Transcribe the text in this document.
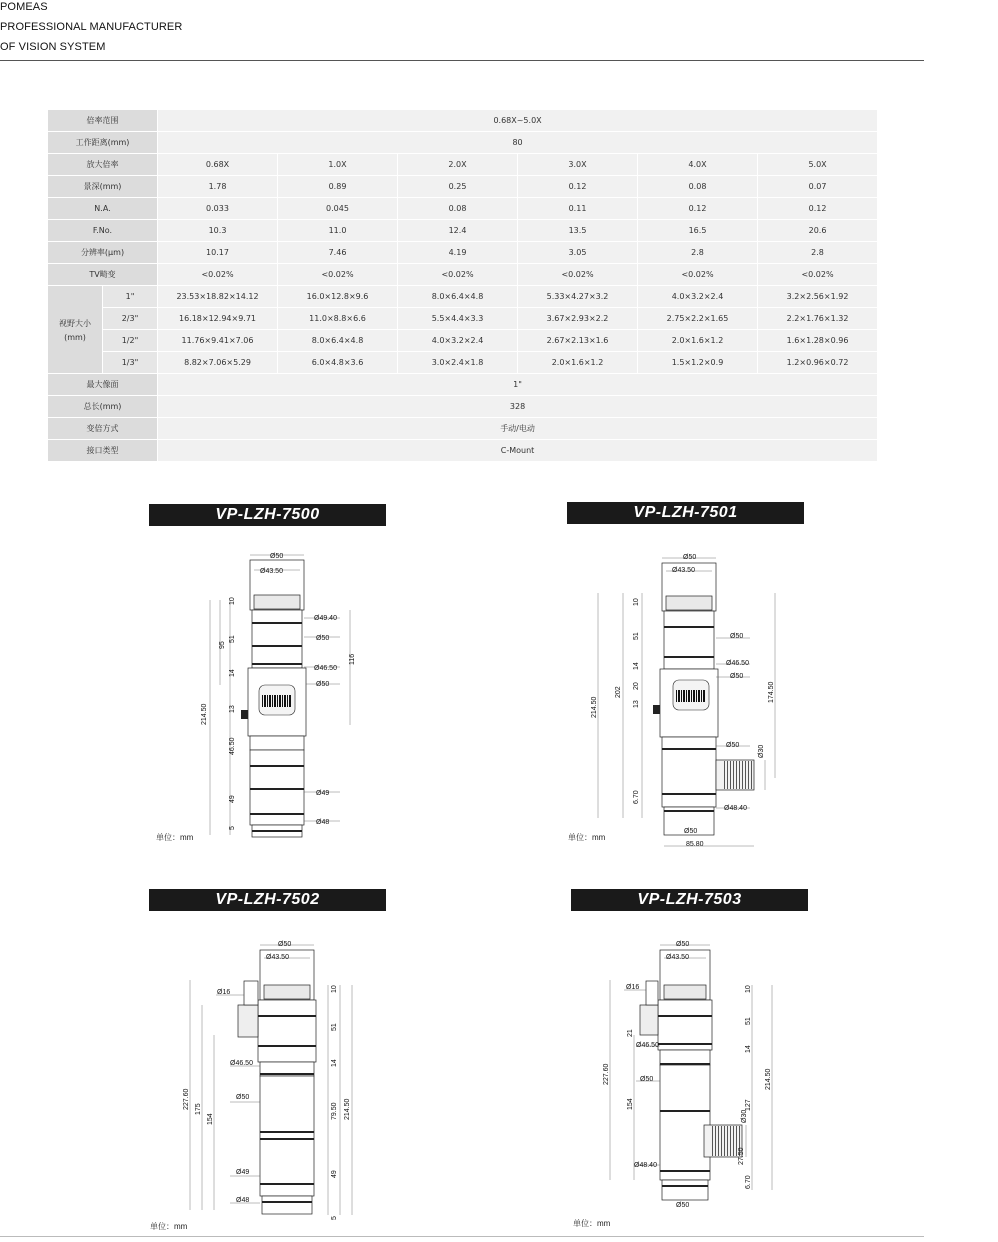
POMEAS
PROFESSIONAL MANUFACTURER
OF VISION SYSTEM
倍率范围		0.68X~5.0X					
工作距离(mm)		80					
放大倍率		0.68X	1.0X	2.0X	3.0X	4.0X	5.0X
景深(mm)		1.78	0.89	0.25	0.12	0.08	0.07
N.A.		0.033	0.045	0.08	0.11	0.12	0.12
F.No.		10.3	11.0	12.4	13.5	16.5	20.6
分辨率(μm)		10.17	7.46	4.19	3.05	2.8	2.8
TV畸变		<0.02%	<0.02%	<0.02%	<0.02%	<0.02%	<0.02%

视野大小
(mm)	1"	23.53×18.82×14.12	16.0×12.8×9.6	8.0×6.4×4.8	5.33×4.27×3.2	4.0×3.2×2.4	3.2×2.56×1.92
	2/3"	16.18×12.94×9.71	11.0×8.8×6.6	5.5×4.4×3.3	3.67×2.93×2.2	2.75×2.2×1.65	2.2×1.76×1.32
	1/2"	11.76×9.41×7.06	8.0×6.4×4.8	4.0×3.2×2.4	2.67×2.13×1.6	2.0×1.6×1.2	1.6×1.28×0.96
	1/3"	8.82×7.06×5.29	6.0×4.8×3.6	3.0×2.4×1.8	2.0×1.6×1.2	1.5×1.2×0.9	1.2×0.96×0.72
最大像面		1"					
总长(mm)		328					
变倍方式		手动/电动					
接口类型		C-Mount					
VP-LZH-7500
Ø50
Ø43.50
Ø49.40
Ø50
Ø46.50
Ø50
Ø49
Ø48
10
51
14
13
46.50
49
5
95
214.50
116
单位：mm
VP-LZH-7501
Ø50
Ø43.50
Ø50
Ø46.50
Ø50
Ø50
Ø48.40
Ø50
85.80
Ø30
10
51
14
20
13
6.70
202
214.50
174.50
单位：mm
VP-LZH-7502
Ø50
Ø43.50
Ø16
Ø46.50
Ø50
Ø49
Ø48
10
51
14
79.50
49
5
214.50
227.60 175
154
单位：mm
VP-LZH-7503
Ø50
Ø43.50
Ø16
Ø46.50
Ø50
Ø48.40
Ø50
Ø30
10
51
14
127
27.50
6.70
214.50
227.60
154
21
单位：mm
